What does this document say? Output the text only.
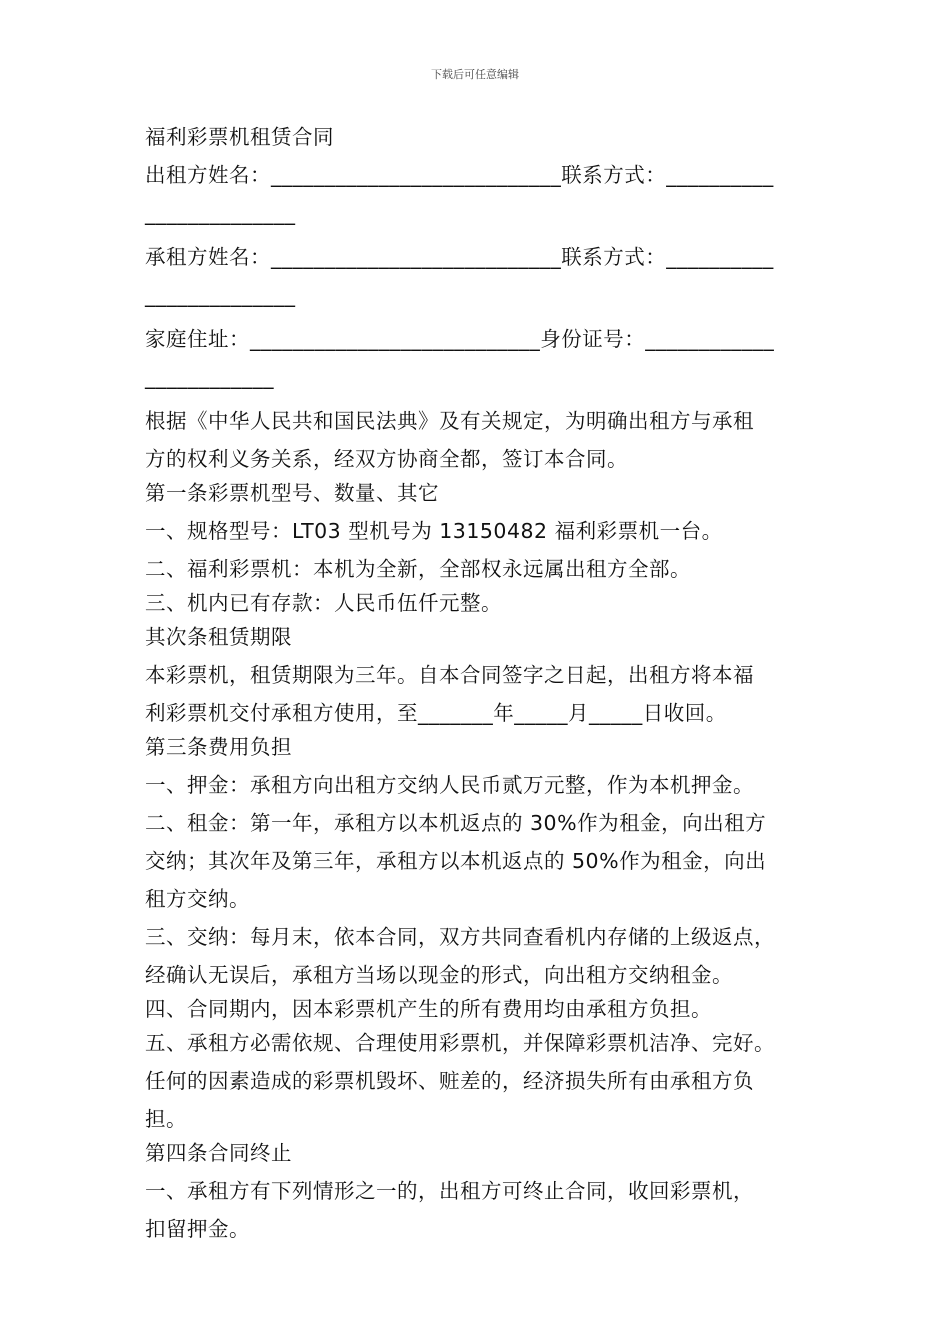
下载后可任意编辑
福利彩票机租赁合同
出租方姓名：___________________________联系方式：__________
______________
承租方姓名：___________________________联系方式：__________
______________
家庭住址：___________________________身份证号：____________
____________
根据《中华人民共和国民法典》及有关规定，为明确出租方与承租
方的权利义务关系，经双方协商全都，签订本合同。
第一条彩票机型号、数量、其它
一、规格型号：LT03 型机号为 13150482 福利彩票机一台。
二、福利彩票机：本机为全新，全部权永远属出租方全部。
三、机内已有存款：人民币伍仟元整。
其次条租赁期限
本彩票机，租赁期限为三年。自本合同签字之日起，出租方将本福
利彩票机交付承租方使用，至_______年_____月_____日收回。
第三条费用负担
一、押金：承租方向出租方交纳人民币贰万元整，作为本机押金。
二、租金：第一年，承租方以本机返点的 30%作为租金，向出租方
交纳；其次年及第三年，承租方以本机返点的 50%作为租金，向出
租方交纳。
三、交纳：每月末，依本合同，双方共同查看机内存储的上级返点，
经确认无误后，承租方当场以现金的形式，向出租方交纳租金。
四、合同期内，因本彩票机产生的所有费用均由承租方负担。
五、承租方必需依规、合理使用彩票机，并保障彩票机洁净、完好。
任何的因素造成的彩票机毁坏、赃差的，经济损失所有由承租方负
担。
第四条合同终止
一、承租方有下列情形之一的，出租方可终止合同，收回彩票机，
扣留押金。
